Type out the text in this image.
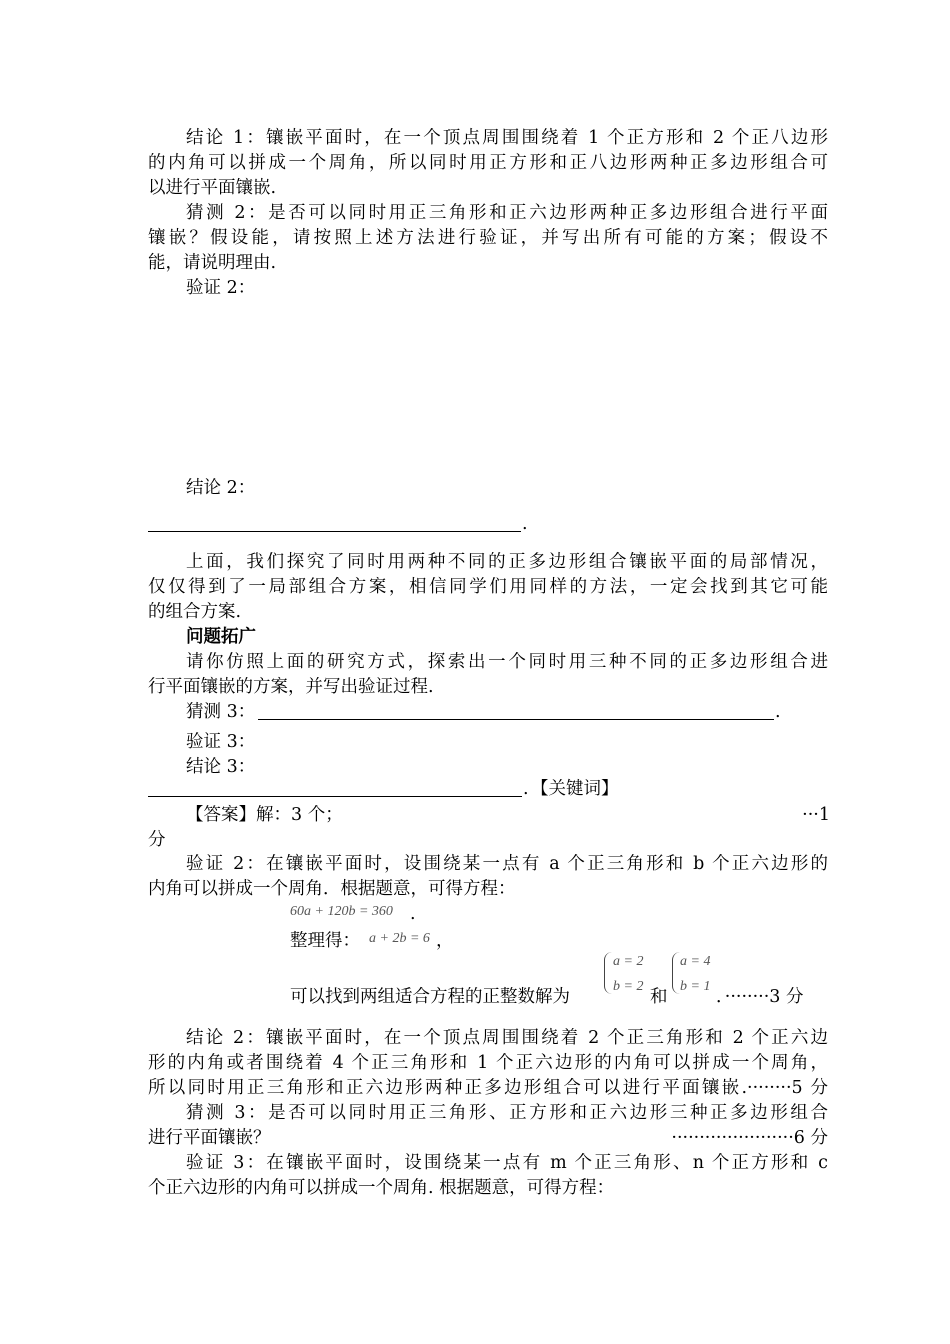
结论 1：镶嵌平面时，在一个顶点周围围绕着 1 个正方形和 2 个正八边形
的内角可以拼成一个周角，所以同时用正方形和正八边形两种正多边形组合可
以进行平面镶嵌.
猜测 2：是否可以同时用正三角形和正六边形两种正多边形组合进行平面
镶嵌？假设能，请按照上述方法进行验证，并写出所有可能的方案；假设不
能，请说明理由.
验证 2：
结论 2：
.
上面，我们探究了同时用两种不同的正多边形组合镶嵌平面的局部情况，
仅仅得到了一局部组合方案，相信同学们用同样的方法，一定会找到其它可能
的组合方案.
问题拓广
请你仿照上面的研究方式，探索出一个同时用三种不同的正多边形组合进
行平面镶嵌的方案，并写出验证过程.
猜测 3：	.
验证 3：
结论 3：
. 【关键词】
【答案】解：3 个；	···1
分
验证 2：在镶嵌平面时，设围绕某一点有 a 个正三角形和 b 个正六边形的
内角可以拼成一个周角．根据题意，可得方程：
60a + 120b = 360 .
整理得： a + 2b = 6 ，
可以找到两组适合方程的正整数解为
a = 2
b = 2
和
a = 4
b = 1
．········3 分
结论 2：镶嵌平面时，在一个顶点周围围绕着 2 个正三角形和 2 个正六边
形的内角或者围绕着 4 个正三角形和 1 个正六边形的内角可以拼成一个周角，
所以同时用正三角形和正六边形两种正多边形组合可以进行平面镶嵌.········5 分
猜测 3：是否可以同时用正三角形、正方形和正六边形三种正多边形组合
进行平面镶嵌？	······················6 分
验证 3：在镶嵌平面时，设围绕某一点有 m 个正三角形、n 个正方形和 c
个正六边形的内角可以拼成一个周角. 根据题意，可得方程：
